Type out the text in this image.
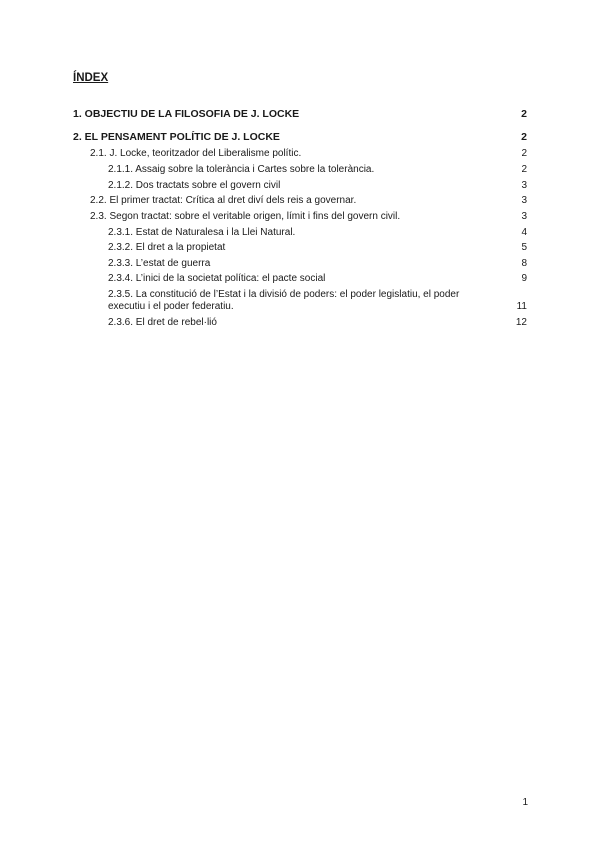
ÍNDEX
1. OBJECTIU DE LA FILOSOFIA DE J. LOCKE	2
2. EL PENSAMENT POLÍTIC DE J. LOCKE	2
2.1. J. Locke, teoritzador del Liberalisme polític.	2
2.1.1. Assaig sobre la tolerància i Cartes sobre la tolerància.	2
2.1.2. Dos tractats sobre el govern civil	3
2.2. El primer tractat: Crítica al dret diví dels reis a governar.	3
2.3. Segon tractat: sobre el veritable origen, límit i fins del govern civil.	3
2.3.1. Estat de Naturalesa i la Llei Natural.	4
2.3.2. El dret a la propietat	5
2.3.3. L’estat de guerra	8
2.3.4. L’inici de la societat política: el pacte social	9
2.3.5. La constitució de l’Estat i la divisió de poders: el poder legislatiu, el poder executiu i el poder federatiu.	11
2.3.6. El dret de rebel·lió	12
1
